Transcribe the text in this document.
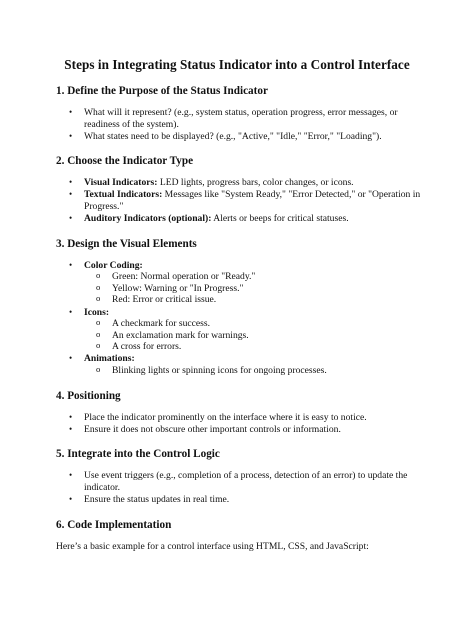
Steps in Integrating Status Indicator into a Control Interface
1. Define the Purpose of the Status Indicator
• What will it represent? (e.g., system status, operation progress, error messages, or readiness of the system).
• What states need to be displayed? (e.g., "Active," "Idle," "Error," "Loading").
2. Choose the Indicator Type
• Visual Indicators: LED lights, progress bars, color changes, or icons.
• Textual Indicators: Messages like "System Ready," "Error Detected," or "Operation in Progress."
• Auditory Indicators (optional): Alerts or beeps for critical statuses.
3. Design the Visual Elements
• Color Coding:
o Green: Normal operation or "Ready."
o Yellow: Warning or "In Progress."
o Red: Error or critical issue.
• Icons:
o A checkmark for success.
o An exclamation mark for warnings.
o A cross for errors.
• Animations:
o Blinking lights or spinning icons for ongoing processes.
4. Positioning
• Place the indicator prominently on the interface where it is easy to notice.
• Ensure it does not obscure other important controls or information.
5. Integrate into the Control Logic
• Use event triggers (e.g., completion of a process, detection of an error) to update the indicator.
• Ensure the status updates in real time.
6. Code Implementation

Here’s a basic example for a control interface using HTML, CSS, and JavaScript:
